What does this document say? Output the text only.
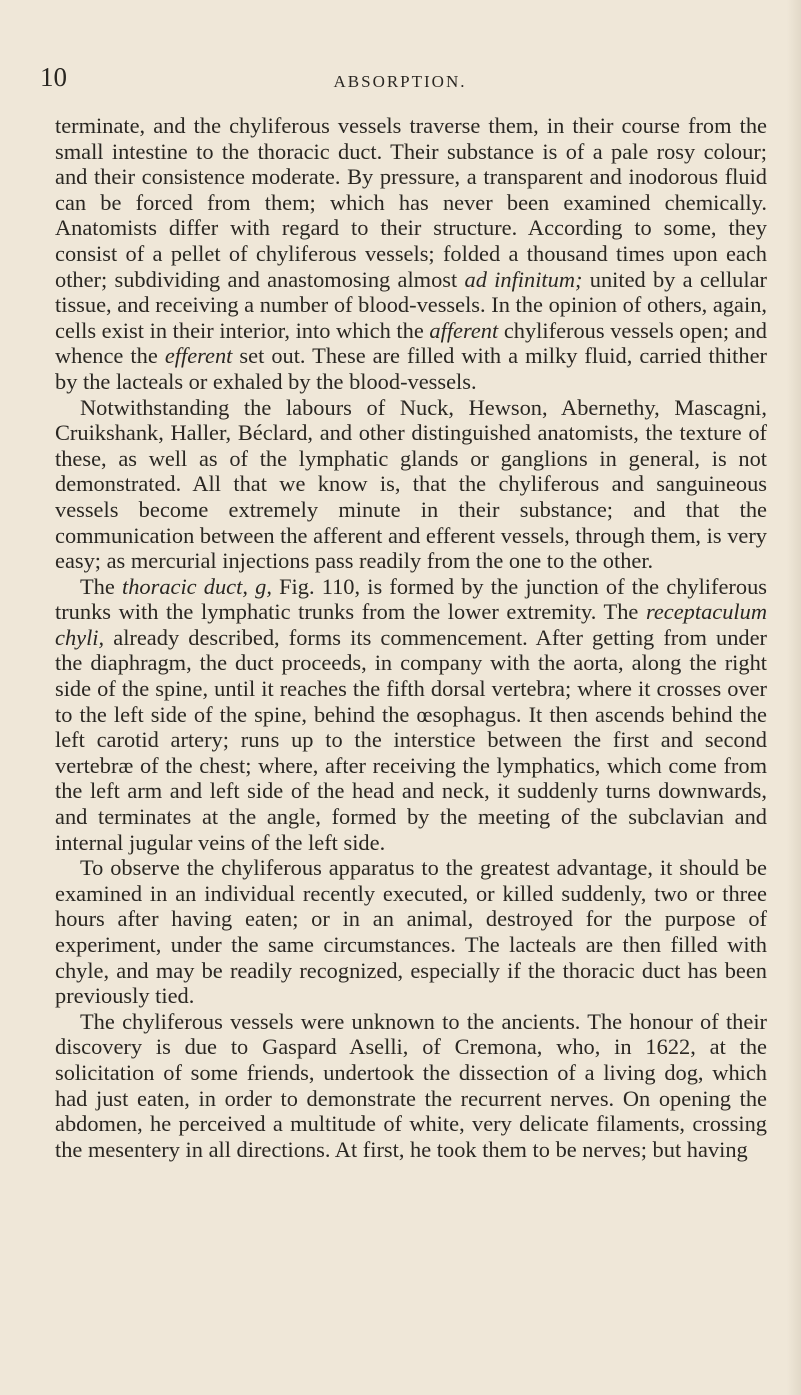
10	ABSORPTION.

terminate, and the chyliferous vessels traverse them, in their course from the small intestine to the thoracic duct. Their substance is of a pale rosy colour; and their consistence moderate. By pressure, a transparent and inodorous fluid can be forced from them; which has never been examined chemically. Anatomists differ with regard to their structure. According to some, they consist of a pellet of chyliferous vessels; folded a thousand times upon each other; subdividing and anastomosing almost ad infinitum; united by a cellular tissue, and receiving a number of blood-vessels. In the opinion of others, again, cells exist in their interior, into which the afferent chyliferous vessels open; and whence the efferent set out. These are filled with a milky fluid, carried thither by the lacteals or exhaled by the blood-vessels.

Notwithstanding the labours of Nuck, Hewson, Abernethy, Mascagni, Cruikshank, Haller, Béclard, and other distinguished anatomists, the texture of these, as well as of the lymphatic glands or ganglions in general, is not demonstrated. All that we know is, that the chyliferous and sanguineous vessels become extremely minute in their substance; and that the communication between the afferent and efferent vessels, through them, is very easy; as mercurial injections pass readily from the one to the other.

The thoracic duct, g, Fig. 110, is formed by the junction of the chyliferous trunks with the lymphatic trunks from the lower extremity. The receptaculum chyli, already described, forms its commencement. After getting from under the diaphragm, the duct proceeds, in company with the aorta, along the right side of the spine, until it reaches the fifth dorsal vertebra; where it crosses over to the left side of the spine, behind the œsophagus. It then ascends behind the left carotid artery; runs up to the interstice between the first and second vertebræ of the chest; where, after receiving the lymphatics, which come from the left arm and left side of the head and neck, it suddenly turns downwards, and terminates at the angle, formed by the meeting of the subclavian and internal jugular veins of the left side.

To observe the chyliferous apparatus to the greatest advantage, it should be examined in an individual recently executed, or killed suddenly, two or three hours after having eaten; or in an animal, destroyed for the purpose of experiment, under the same circumstances. The lacteals are then filled with chyle, and may be readily recognized, especially if the thoracic duct has been previously tied.

The chyliferous vessels were unknown to the ancients. The honour of their discovery is due to Gaspard Aselli, of Cremona, who, in 1622, at the solicitation of some friends, undertook the dissection of a living dog, which had just eaten, in order to demonstrate the recurrent nerves. On opening the abdomen, he perceived a multitude of white, very delicate filaments, crossing the mesentery in all directions. At first, he took them to be nerves; but having
